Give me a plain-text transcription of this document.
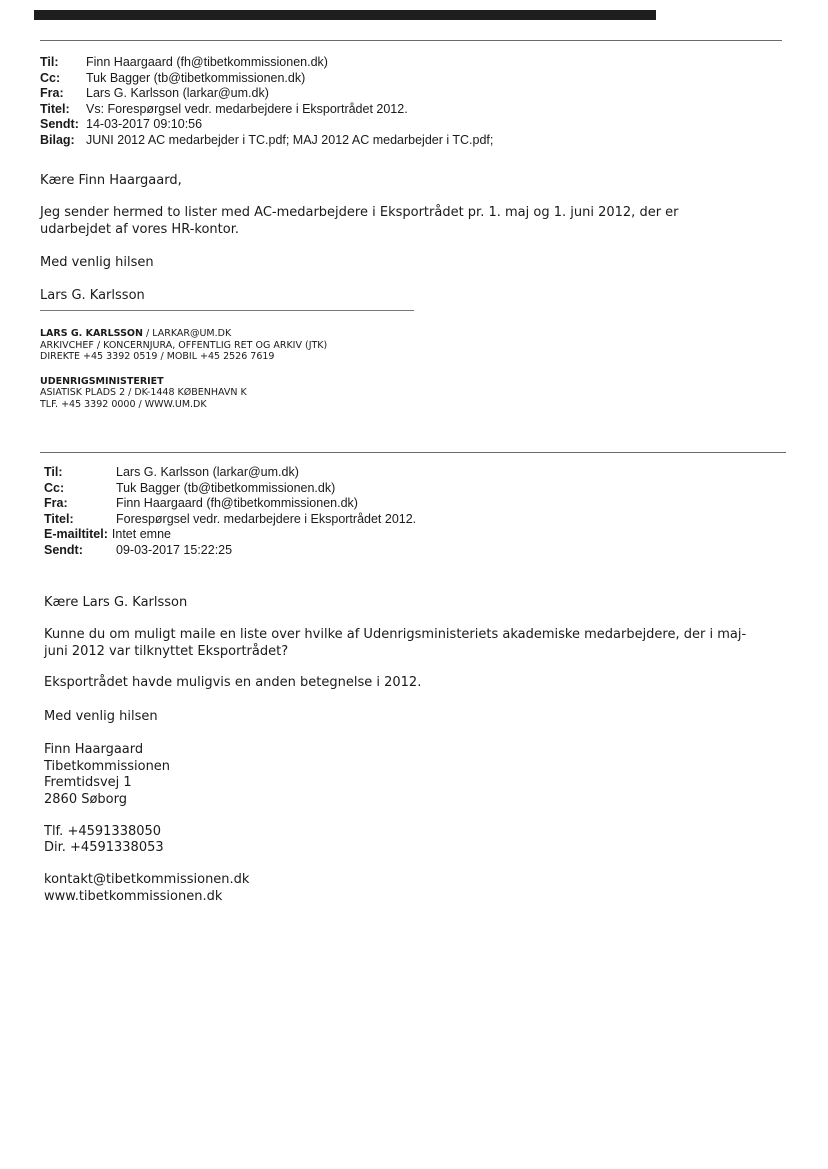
Til:	Finn Haargaard (fh@tibetkommissionen.dk)
Cc:	Tuk Bagger (tb@tibetkommissionen.dk)
Fra:	Lars G. Karlsson (larkar@um.dk)
Titel:	Vs: Forespørgsel vedr. medarbejdere i Eksportrådet 2012.
Sendt: 14-03-2017 09:10:56
Bilag: JUNI 2012 AC medarbejder i TC.pdf; MAJ 2012 AC medarbejder i TC.pdf;
Kære Finn Haargaard,
Jeg sender hermed to lister med AC-medarbejdere i Eksportrådet pr. 1. maj og 1. juni 2012, der er
udarbejdet af vores HR-kontor.
Med venlig hilsen
Lars G. Karlsson
LARS G. KARLSSON / LARKAR@UM.DK
ARKIVCHEF / KONCERNJURA, OFFENTLIG RET OG ARKIV (JTK)
DIREKTE +45 3392 0519 / MOBIL +45 2526 7619
UDENRIGSMINISTERIET
ASIATISK PLADS 2 / DK-1448 KØBENHAVN K
TLF. +45 3392 0000 / WWW.UM.DK
Til:	Lars G. Karlsson (larkar@um.dk)
Cc:	Tuk Bagger (tb@tibetkommissionen.dk)
Fra:	Finn Haargaard (fh@tibetkommissionen.dk)
Titel:	Forespørgsel vedr. medarbejdere i Eksportrådet 2012.
E-mailtitel: Intet emne
Sendt:	09-03-2017 15:22:25
Kære Lars G. Karlsson
Kunne du om muligt maile en liste over hvilke af Udenrigsministeriets akademiske medarbejdere, der i maj-
juni 2012 var tilknyttet Eksportrådet?
Eksportrådet havde muligvis en anden betegnelse i 2012.
Med venlig hilsen
Finn Haargaard
Tibetkommissionen
Fremtidsvej 1
2860 Søborg
Tlf. +4591338050
Dir. +4591338053
kontakt@tibetkommissionen.dk
www.tibetkommissionen.dk
